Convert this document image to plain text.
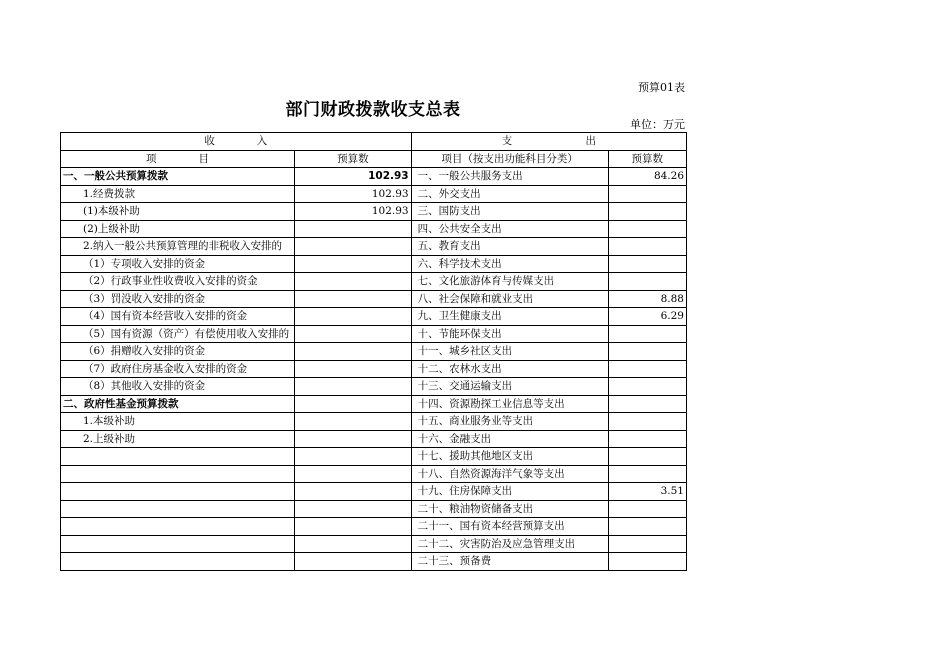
预算01表
部门财政拨款收支总表
单位：万元
收　　　　入		支　　　　　　　出	
项　　　　目	预算数	项目（按支出功能科目分类）	预算数
一、一般公共预算拨款	102.93	一、一般公共服务支出	84.26
1.经费拨款	102.93	二、外交支出	
(1)本级补助	102.93	三、国防支出	
(2)上级补助		四、公共安全支出	
2.纳入一般公共预算管理的非税收入安排的		五、教育支出	
（1）专项收入安排的资金		六、科学技术支出	
（2）行政事业性收费收入安排的资金		七、文化旅游体育与传媒支出	
（3）罚没收入安排的资金		八、社会保障和就业支出	8.88
（4）国有资本经营收入安排的资金		九、卫生健康支出	6.29
（5）国有资源（资产）有偿使用收入安排的		十、节能环保支出	
（6）捐赠收入安排的资金		十一、城乡社区支出	
（7）政府住房基金收入安排的资金		十二、农林水支出	
（8）其他收入安排的资金		十三、交通运输支出	
二、政府性基金预算拨款		十四、资源勘探工业信息等支出	
1.本级补助		十五、商业服务业等支出	
2.上级补助		十六、金融支出	
		十七、援助其他地区支出	
		十八、自然资源海洋气象等支出	
		十九、住房保障支出	3.51
		二十、粮油物资储备支出	
		二十一、国有资本经营预算支出	
		二十二、灾害防治及应急管理支出	
		二十三、预备费	
